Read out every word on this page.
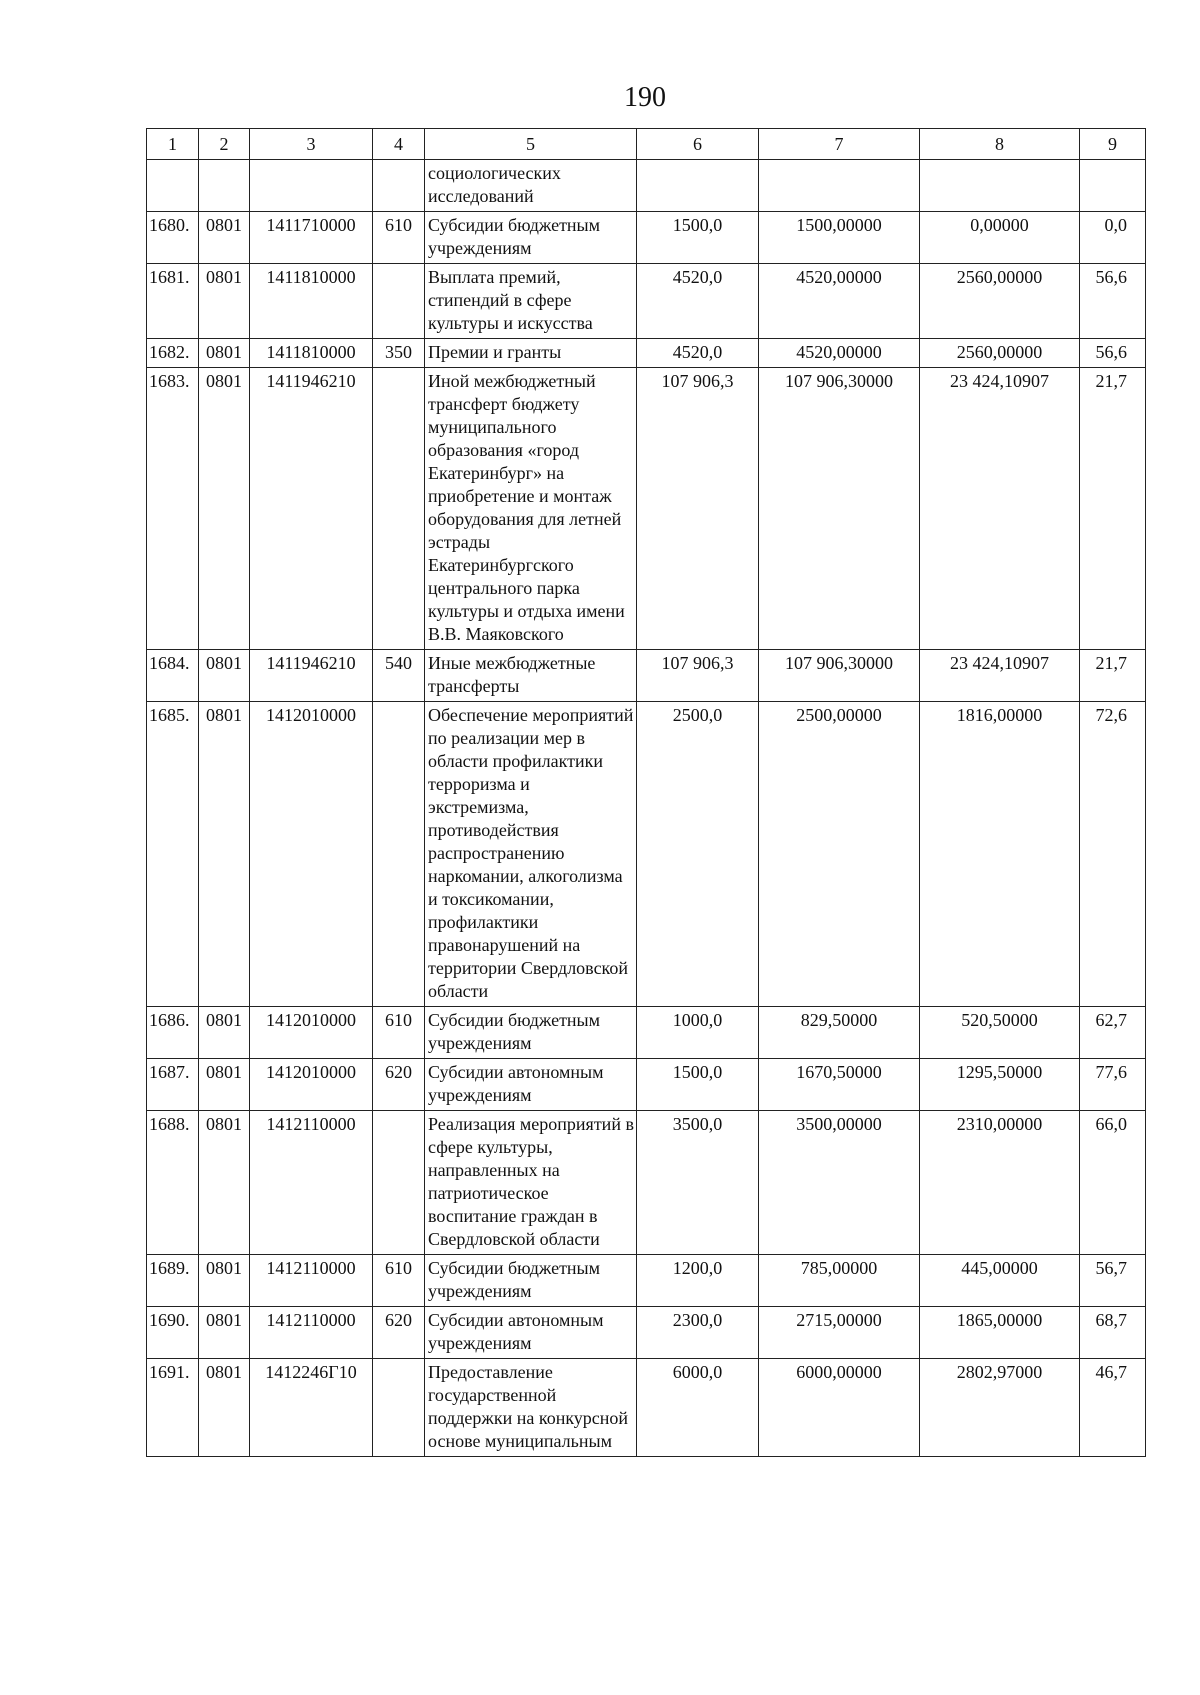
190
1	2	3	4	5	6	7	8	9
				социологических исследований				
1680.	0801	1411710000	610	Субсидии бюджетным учреждениям	1500,0	1500,00000	0,00000	0,0
1681.	0801	1411810000		Выплата премий, стипендий в сфере культуры и искусства	4520,0	4520,00000	2560,00000	56,6
1682.	0801	1411810000	350	Премии и гранты	4520,0	4520,00000	2560,00000	56,6
1683.	0801	1411946210		Иной межбюджетный трансферт бюджету муниципального образования «город Екатеринбург» на приобретение и монтаж оборудования для летней эстрады Екатеринбургского центрального парка культуры и отдыха имени В.В. Маяковского	107 906,3	107 906,30000	23 424,10907	21,7
1684.	0801	1411946210	540	Иные межбюджетные трансферты	107 906,3	107 906,30000	23 424,10907	21,7
1685.	0801	1412010000		Обеспечение мероприятий по реализации мер в области профилактики терроризма и экстремизма, противодействия распространению наркомании, алкоголизма и токсикомании, профилактики правонарушений на территории Свердловской области	2500,0	2500,00000	1816,00000	72,6
1686.	0801	1412010000	610	Субсидии бюджетным учреждениям	1000,0	829,50000	520,50000	62,7
1687.	0801	1412010000	620	Субсидии автономным учреждениям	1500,0	1670,50000	1295,50000	77,6
1688.	0801	1412110000		Реализация мероприятий в сфере культуры, направленных на патриотическое воспитание граждан в Свердловской области	3500,0	3500,00000	2310,00000	66,0
1689.	0801	1412110000	610	Субсидии бюджетным учреждениям	1200,0	785,00000	445,00000	56,7
1690.	0801	1412110000	620	Субсидии автономным учреждениям	2300,0	2715,00000	1865,00000	68,7
1691.	0801	1412246Г10		Предоставление государственной поддержки на конкурсной основе муниципальным	6000,0	6000,00000	2802,97000	46,7
